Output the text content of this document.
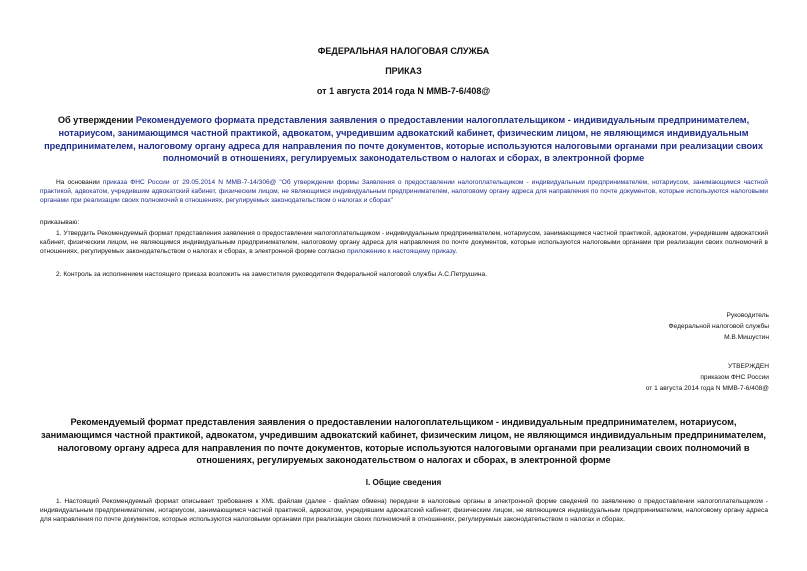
ФЕДЕРАЛЬНАЯ НАЛОГОВАЯ СЛУЖБА
ПРИКАЗ
от 1 августа 2014 года N ММВ-7-6/408@
Об утверждении Рекомендуемого формата представления заявления о предоставлении налогоплательщиком - индивидуальным предпринимателем, нотариусом, занимающимся частной практикой, адвокатом, учредившим адвокатский кабинет, физическим лицом, не являющимся индивидуальным предпринимателем, налоговому органу адреса для направления по почте документов, которые используются налоговыми органами при реализации своих полномочий в отношениях, регулируемых законодательством о налогах и сборах, в электронной форме
На основании приказа ФНС России от 29.05.2014 N ММВ-7-14/306@ "Об утверждении формы Заявления о предоставлении налогоплательщиком - индивидуальным предпринимателем, нотариусом, занимающимся частной практикой, адвокатом, учредившим адвокатский кабинет, физическим лицом, не являющимся индивидуальным предпринимателем, налоговому органу адреса для направления по почте документов, которые используются налоговыми органами при реализации своих полномочий в отношениях, регулируемых законодательством о налогах и сборах"
приказываю:
1. Утвердить Рекомендуемый формат представления заявления о предоставлении налогоплательщиком - индивидуальным предпринимателем, нотариусом, занимающимся частной практикой, адвокатом, учредившим адвокатский кабинет, физическим лицом, не являющимся индивидуальным предпринимателем, налоговому органу адреса для направления по почте документов, которые используются налоговыми органами при реализации своих полномочий в отношениях, регулируемых законодательством о налогах и сборах, в электронной форме согласно приложению к настоящему приказу.
2. Контроль за исполнением настоящего приказа возложить на заместителя руководителя Федеральной налоговой службы А.С.Петрушина.
Руководитель
Федеральной налоговой службы
М.В.Мишустин
УТВЕРЖДЕН
приказом ФНС России
от 1 августа 2014 года N ММВ-7-6/408@
Рекомендуемый формат представления заявления о предоставлении налогоплательщиком - индивидуальным предпринимателем, нотариусом, занимающимся частной практикой, адвокатом, учредившим адвокатский кабинет, физическим лицом, не являющимся индивидуальным предпринимателем, налоговому органу адреса для направления по почте документов, которые используются налоговыми органами при реализации своих полномочий в отношениях, регулируемых законодательством о налогах и сборах, в электронной форме
I. Общие сведения
1. Настоящий Рекомендуемый формат описывает требования к XML файлам (далее - файлам обмена) передачи в налоговые органы в электронной форме сведений по заявлению о предоставлении налогоплательщиком - индивидуальным предпринимателем, нотариусом, занимающимся частной практикой, адвокатом, учредившим адвокатский кабинет, физическим лицом, не являющимся индивидуальным предпринимателем, налоговому органу адреса для направления по почте документов, которые используются налоговыми органами при реализации своих полномочий в отношениях, регулируемых законодательством о налогах и сборах.
